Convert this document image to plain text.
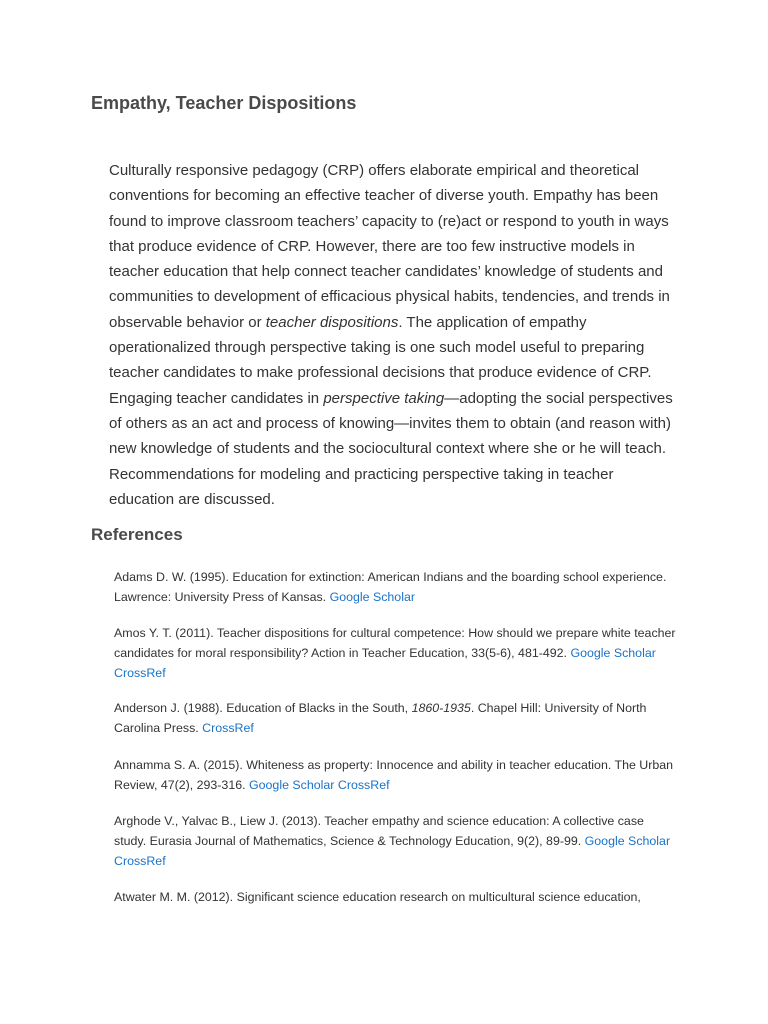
Empathy, Teacher Dispositions

Culturally responsive pedagogy (CRP) offers elaborate empirical and theoretical conventions for becoming an effective teacher of diverse youth. Empathy has been found to improve classroom teachers’ capacity to (re)act or respond to youth in ways that produce evidence of CRP. However, there are too few instructive models in teacher education that help connect teacher candidates’ knowledge of students and communities to development of efficacious physical habits, tendencies, and trends in observable behavior or teacher dispositions. The application of empathy operationalized through perspective taking is one such model useful to preparing teacher candidates to make professional decisions that produce evidence of CRP. Engaging teacher candidates in perspective taking—adopting the social perspectives of others as an act and process of knowing—invites them to obtain (and reason with) new knowledge of students and the sociocultural context where she or he will teach. Recommendations for modeling and practicing perspective taking in teacher education are discussed.

References

Adams D. W. (1995). Education for extinction: American Indians and the boarding school experience. Lawrence: University Press of Kansas. Google Scholar

Amos Y. T. (2011). Teacher dispositions for cultural competence: How should we prepare white teacher candidates for moral responsibility? Action in Teacher Education, 33(5-6), 481-492. Google Scholar CrossRef

Anderson J. (1988). Education of Blacks in the South, 1860-1935. Chapel Hill: University of North Carolina Press. CrossRef

Annamma S. A. (2015). Whiteness as property: Innocence and ability in teacher education. The Urban Review, 47(2), 293-316. Google Scholar CrossRef

Arghode V., Yalvac B., Liew J. (2013). Teacher empathy and science education: A collective case study. Eurasia Journal of Mathematics, Science & Technology Education, 9(2), 89-99. Google Scholar CrossRef

Atwater M. M. (2012). Significant science education research on multicultural science education,
